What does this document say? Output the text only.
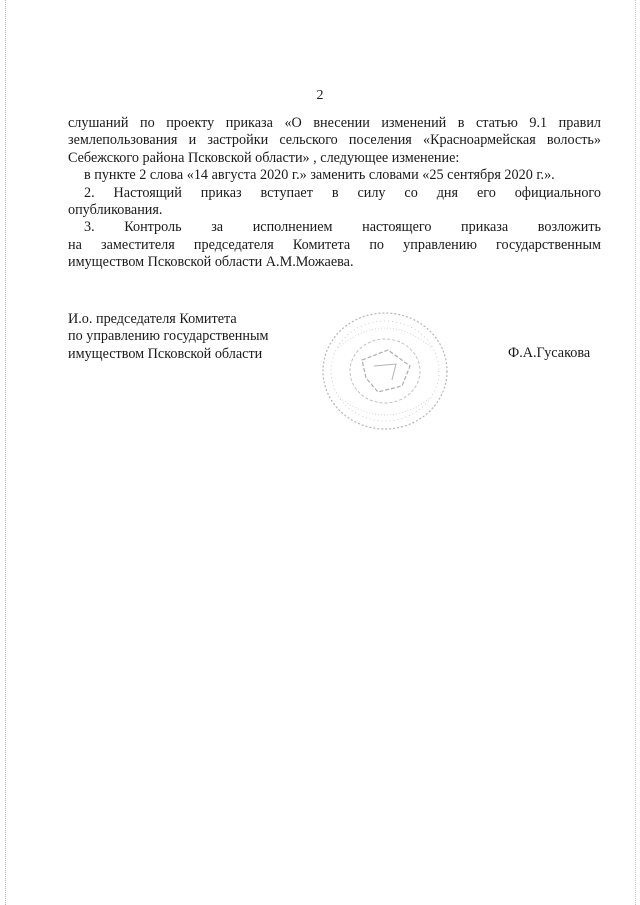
2

слушаний по проекту приказа «О внесении изменений в статью 9.1 правил

землепользования и застройки сельского поселения «Красноармейская волость»

Себежского района Псковской области» , следующее изменение:

в пункте 2 слова «14 августа 2020 г.» заменить словами «25 сентября 2020 г.».

2. Настоящий приказ вступает в силу со дня его официального

опубликования.

3. Контроль за исполнением настоящего приказа возложить

на заместителя председателя Комитета по управлению государственным

имуществом Псковской области А.М.Можаева.

И.о. председателя Комитета
по управлению государственным
имуществом Псковской области	Ф.А.Гусакова
